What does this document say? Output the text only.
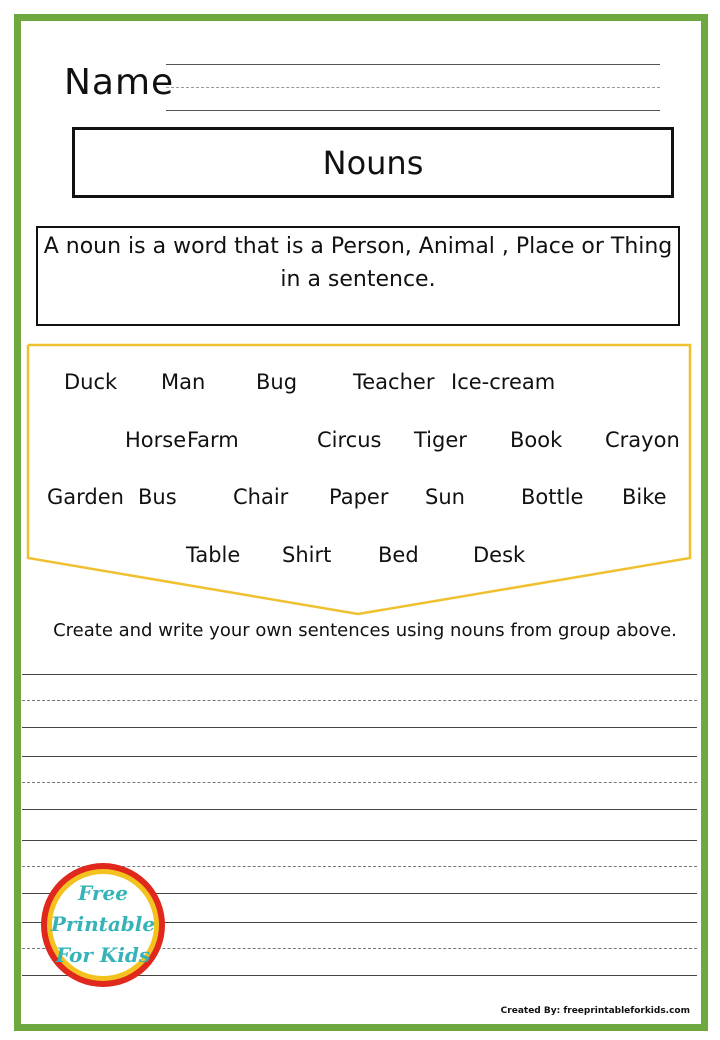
Name
Nouns
A noun is a word that is a Person, Animal , Place or Thing
in a sentence.
Duck Man Bug	Teacher Ice-cream
Horse Farm	Circus Tiger Book Crayon
Garden Bus	Chair Paper Sun	Bottle Bike
Table Shirt Bed	Desk
Create and write your own sentences using nouns from group above.
Free
Printable
For Kids
Created By: freeprintableforkids.com
